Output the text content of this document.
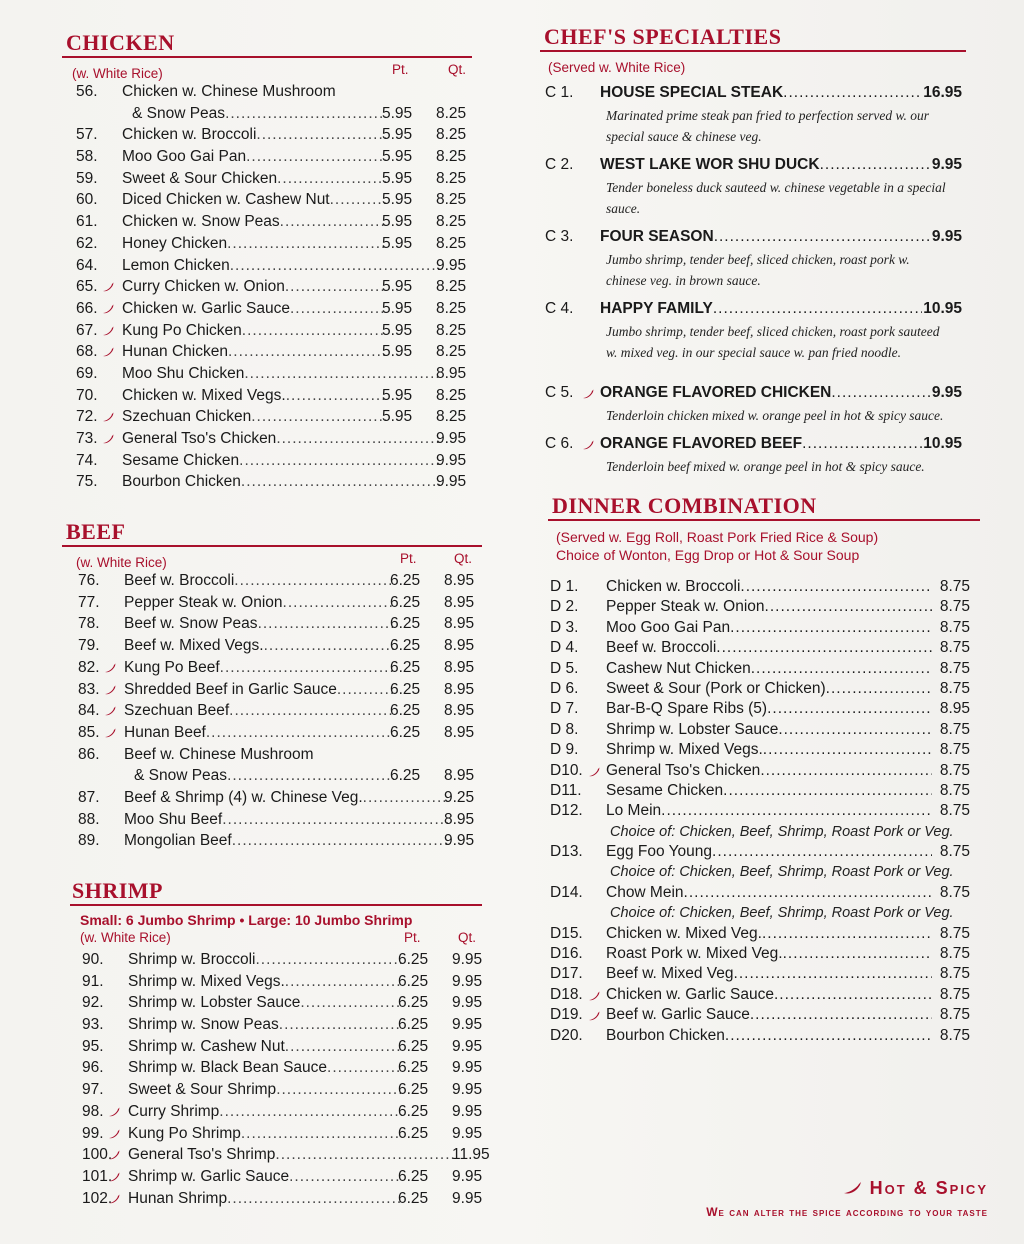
CHICKEN
(w. White Rice)	Pt.	Qt.
56.	Chicken w. Chinese Mushroom
& Snow Peas .....	5.95 8.25
57.	Chicken w. Broccoli .....	5.95 8.25
58.	Moo Goo Gai Pan .....	5.95 8.25
59.	Sweet & Sour Chicken .....	5.95 8.25
60.	Diced Chicken w. Cashew Nut .....	5.95 8.25
61.	Chicken w. Snow Peas .....	5.95 8.25
62.	Honey Chicken .....	5.95 8.25
64.	Lemon Chicken .....	9.95
65.	Curry Chicken w. Onion .....	5.95 8.25
66.	Chicken w. Garlic Sauce .....	5.95 8.25
67.	Kung Po Chicken .....	5.95 8.25
68.	Hunan Chicken .....	5.95 8.25
69.	Moo Shu Chicken .....	8.95
70.	Chicken w. Mixed Vegs. .....	5.95 8.25
72.	Szechuan Chicken .....	5.95 8.25
73.	General Tso's Chicken .....	9.95
74.	Sesame Chicken .....	9.95
75.	Bourbon Chicken .....	9.95
BEEF
(w. White Rice)	Pt.	Qt.
76.	Beef w. Broccoli .....	6.25 8.95
77.	Pepper Steak w. Onion .....	6.25 8.95
78.	Beef w. Snow Peas .....	6.25 8.95
79.	Beef w. Mixed Vegs. .....	6.25 8.95
82.	Kung Po Beef .....	6.25 8.95
83.	Shredded Beef in Garlic Sauce .....	6.25 8.95
84.	Szechuan Beef .....	6.25 8.95
85.	Hunan Beef .....	6.25 8.95
86.	Beef w. Chinese Mushroom
& Snow Peas .....	6.25 8.95
87.	Beef & Shrimp (4) w. Chinese Veg. .....	9.25
88.	Moo Shu Beef .....	8.95
89.	Mongolian Beef .....	9.95
SHRIMP
Small: 6 Jumbo Shrimp • Large: 10 Jumbo Shrimp
(w. White Rice)	Pt.	Qt.
90.	Shrimp w. Broccoli .....	6.25 9.95
91.	Shrimp w. Mixed Vegs. .....	6.25 9.95
92.	Shrimp w. Lobster Sauce .....	6.25 9.95
93.	Shrimp w. Snow Peas .....	6.25 9.95
95.	Shrimp w. Cashew Nut .....	6.25 9.95
96.	Shrimp w. Black Bean Sauce .....	6.25 9.95
97.	Sweet & Sour Shrimp .....	6.25 9.95
98.	Curry Shrimp .....	6.25 9.95
99.	Kung Po Shrimp .....	6.25 9.95
100.	General Tso's Shrimp .....	11.95
101.	Shrimp w. Garlic Sauce .....	6.25 9.95
102.	Hunan Shrimp .....	6.25 9.95
CHEF'S SPECIALTIES
(Served w. White Rice)
C 1.	HOUSE SPECIAL STEAK .....	16.95
Marinated prime steak pan fried to perfection served w. our special sauce & chinese veg.
C 2.	WEST LAKE WOR SHU DUCK .....	9.95
Tender boneless duck sauteed w. chinese vegetable in a special sauce.
C 3.	FOUR SEASON .....	9.95
Jumbo shrimp, tender beef, sliced chicken, roast pork w. chinese veg. in brown sauce.
C 4.	HAPPY FAMILY .....	10.95
Jumbo shrimp, tender beef, sliced chicken, roast pork sauteed w. mixed veg. in our special sauce w. pan fried noodle.
C 5.	ORANGE FLAVORED CHICKEN .....	9.95
Tenderloin chicken mixed w. orange peel in hot & spicy sauce.
C 6.	ORANGE FLAVORED BEEF .....	10.95
Tenderloin beef mixed w. orange peel in hot & spicy sauce.
DINNER COMBINATION
(Served w. Egg Roll, Roast Pork Fried Rice & Soup)
Choice of Wonton, Egg Drop or Hot & Sour Soup
D 1.	Chicken w. Broccoli .....	8.75
D 2.	Pepper Steak w. Onion .....	8.75
D 3.	Moo Goo Gai Pan .....	8.75
D 4.	Beef w. Broccoli .....	8.75
D 5.	Cashew Nut Chicken .....	8.75
D 6.	Sweet & Sour (Pork or Chicken) .....	8.75
D 7.	Bar-B-Q Spare Ribs (5) .....	8.95
D 8.	Shrimp w. Lobster Sauce .....	8.75
D 9.	Shrimp w. Mixed Vegs. .....	8.75
D10.	General Tso's Chicken .....	8.75
D11.	Sesame Chicken .....	8.75
D12.	Lo Mein .....	8.75
Choice of: Chicken, Beef, Shrimp, Roast Pork or Veg.
D13.	Egg Foo Young .....	8.75
Choice of: Chicken, Beef, Shrimp, Roast Pork or Veg.
D14.	Chow Mein .....	8.75
Choice of: Chicken, Beef, Shrimp, Roast Pork or Veg.
D15.	Chicken w. Mixed Veg. .....	8.75
D16.	Roast Pork w. Mixed Veg. .....	8.75
D17.	Beef w. Mixed Veg .....	8.75
D18.	Chicken w. Garlic Sauce .....	8.75
D19.	Beef w. Garlic Sauce .....	8.75
D20.	Bourbon Chicken .....	8.75
Hot & Spicy
We can alter the spice according to your taste
